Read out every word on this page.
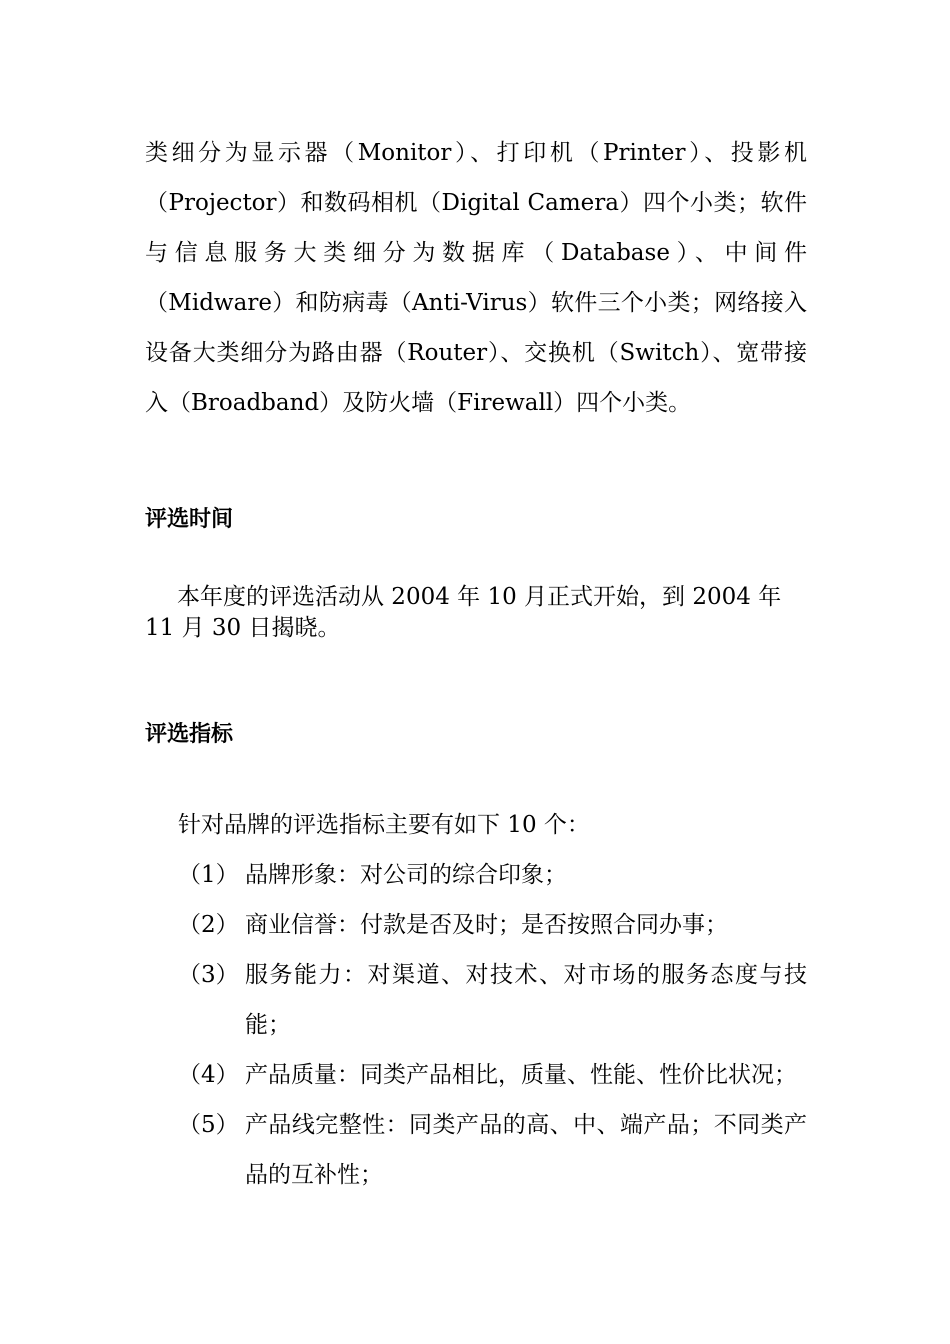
类细分为显示器（Monitor）、打印机（Printer）、投影机（Projector）和数码相机（Digital Camera）四个小类；软件与信息服务大类细分为数据库（Database）、中间件（Midware）和防病毒（Anti-Virus）软件三个小类；网络接入设备大类细分为路由器（Router）、交换机（Switch）、宽带接入（Broadband）及防火墙（Firewall）四个小类。

评选时间

本年度的评选活动从 2004 年 10 月正式开始，到 2004 年 11 月 30 日揭晓。

评选指标

针对品牌的评选指标主要有如下 10 个：

（1） 品牌形象：对公司的综合印象；
（2） 商业信誉：付款是否及时；是否按照合同办事；
（3） 服务能力：对渠道、对技术、对市场的服务态度与技能；
（4） 产品质量：同类产品相比，质量、性能、性价比状况；
（5） 产品线完整性：同类产品的高、中、端产品；不同类产品的互补性；
